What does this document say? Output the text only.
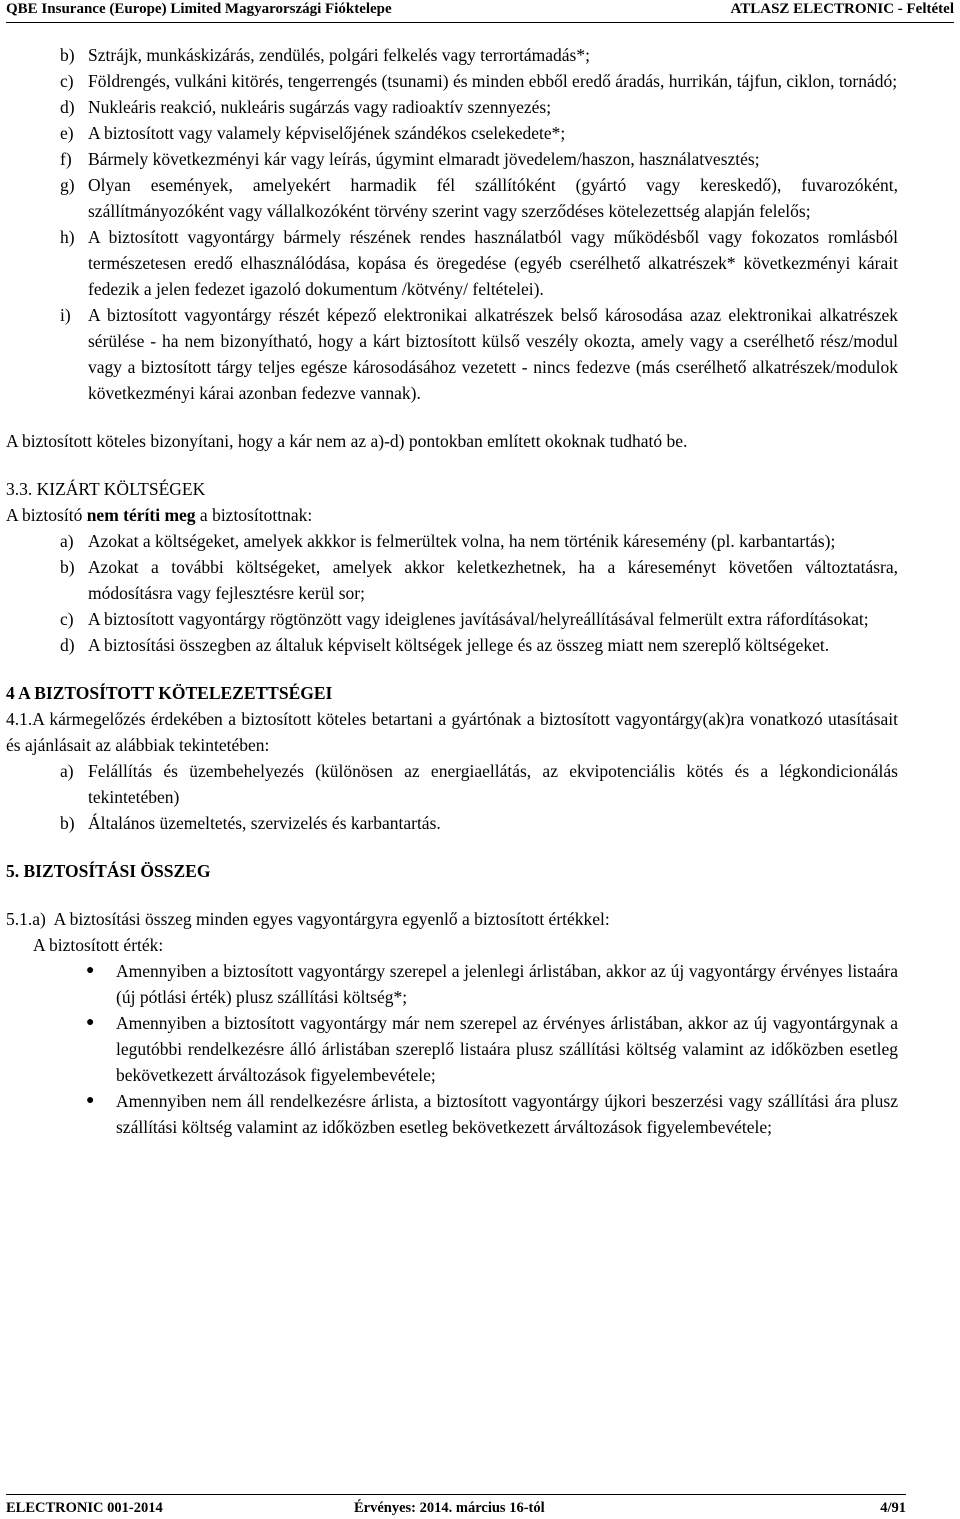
QBE Insurance (Europe) Limited Magyarországi Fióktelepe	ATLASZ ELECTRONIC - Feltétel
b) Sztrájk, munkáskizárás, zendülés, polgári felkelés vagy terrortámadás*;
c) Földrengés, vulkáni kitörés, tengerrengés (tsunami) és minden ebből eredő áradás, hurrikán, tájfun, ciklon, tornádó;
d) Nukleáris reakció, nukleáris sugárzás vagy radioaktív szennyezés;
e) A biztosított vagy valamely képviselőjének szándékos cselekedete*;
f) Bármely következményi kár vagy leírás, úgymint elmaradt jövedelem/haszon, használatvesztés;
g) Olyan események, amelyekért harmadik fél szállítóként (gyártó vagy kereskedő), fuvarozóként, szállítmányozóként vagy vállalkozóként törvény szerint vagy szerződéses kötelezettség alapján felelős;
h) A biztosított vagyontárgy bármely részének rendes használatból vagy működésből vagy fokozatos romlásból természetesen eredő elhasználódása, kopása és öregedése (egyéb cserélhető alkatrészek* következményi kárait fedezik a jelen fedezet igazoló dokumentum /kötvény/ feltételei).
i) A biztosított vagyontárgy részét képező elektronikai alkatrészek belső károsodása azaz elektronikai alkatrészek sérülése - ha nem bizonyítható, hogy a kárt biztosított külső veszély okozta, amely vagy a cserélhető rész/modul vagy a biztosított tárgy teljes egésze károsodásához vezetett - nincs fedezve (más cserélhető alkatrészek/modulok következményi kárai azonban fedezve vannak).

A biztosított köteles bizonyítani, hogy a kár nem az a)-d) pontokban említett okoknak tudható be.

3.3. KIZÁRT KÖLTSÉGEK

A biztosító nem téríti meg a biztosítottnak:

a) Azokat a költségeket, amelyek akkkor is felmerültek volna, ha nem történik káresemény (pl. karbantartás);
b) Azokat a további költségeket, amelyek akkor keletkezhetnek, ha a káreseményt követően változtatásra, módosításra vagy fejlesztésre kerül sor;
c) A biztosított vagyontárgy rögtönzött vagy ideiglenes javításával/helyreállításával felmerült extra ráfordításokat;
d) A biztosítási összegben az általuk képviselt költségek jellege és az összeg miatt nem szereplő költségeket.

4 A BIZTOSÍTOTT KÖTELEZETTSÉGEI

4.1.A kármegelőzés érdekében a biztosított köteles betartani a gyártónak a biztosított vagyontárgy(ak)ra vonatkozó utasításait és ajánlásait az alábbiak tekintetében:

a) Felállítás és üzembehelyezés (különösen az energiaellátás, az ekvipotenciális kötés és a légkondicionálás tekintetében)
b) Általános üzemeltetés, szervizelés és karbantartás.

5. BIZTOSÍTÁSI ÖSSZEG

5.1.a)  A biztosítási összeg minden egyes vagyontárgyra egyenlő a biztosított értékkel:

A biztosított érték:

●	Amennyiben a biztosított vagyontárgy szerepel a jelenlegi árlistában, akkor az új vagyontárgy érvényes listaára (új pótlási érték) plusz szállítási költség*;
●	Amennyiben a biztosított vagyontárgy már nem szerepel az érvényes árlistában, akkor az új vagyontárgynak a legutóbbi rendelkezésre álló árlistában szereplő listaára plusz szállítási költség valamint az időközben esetleg bekövetkezett árváltozások figyelembevétele;
●	Amennyiben nem áll rendelkezésre árlista, a biztosított vagyontárgy újkori beszerzési vagy szállítási ára plusz szállítási költség valamint az időközben esetleg bekövetkezett árváltozások figyelembevétele;
ELECTRONIC 001-2014	Érvényes: 2014. március 16-tól	4/91
